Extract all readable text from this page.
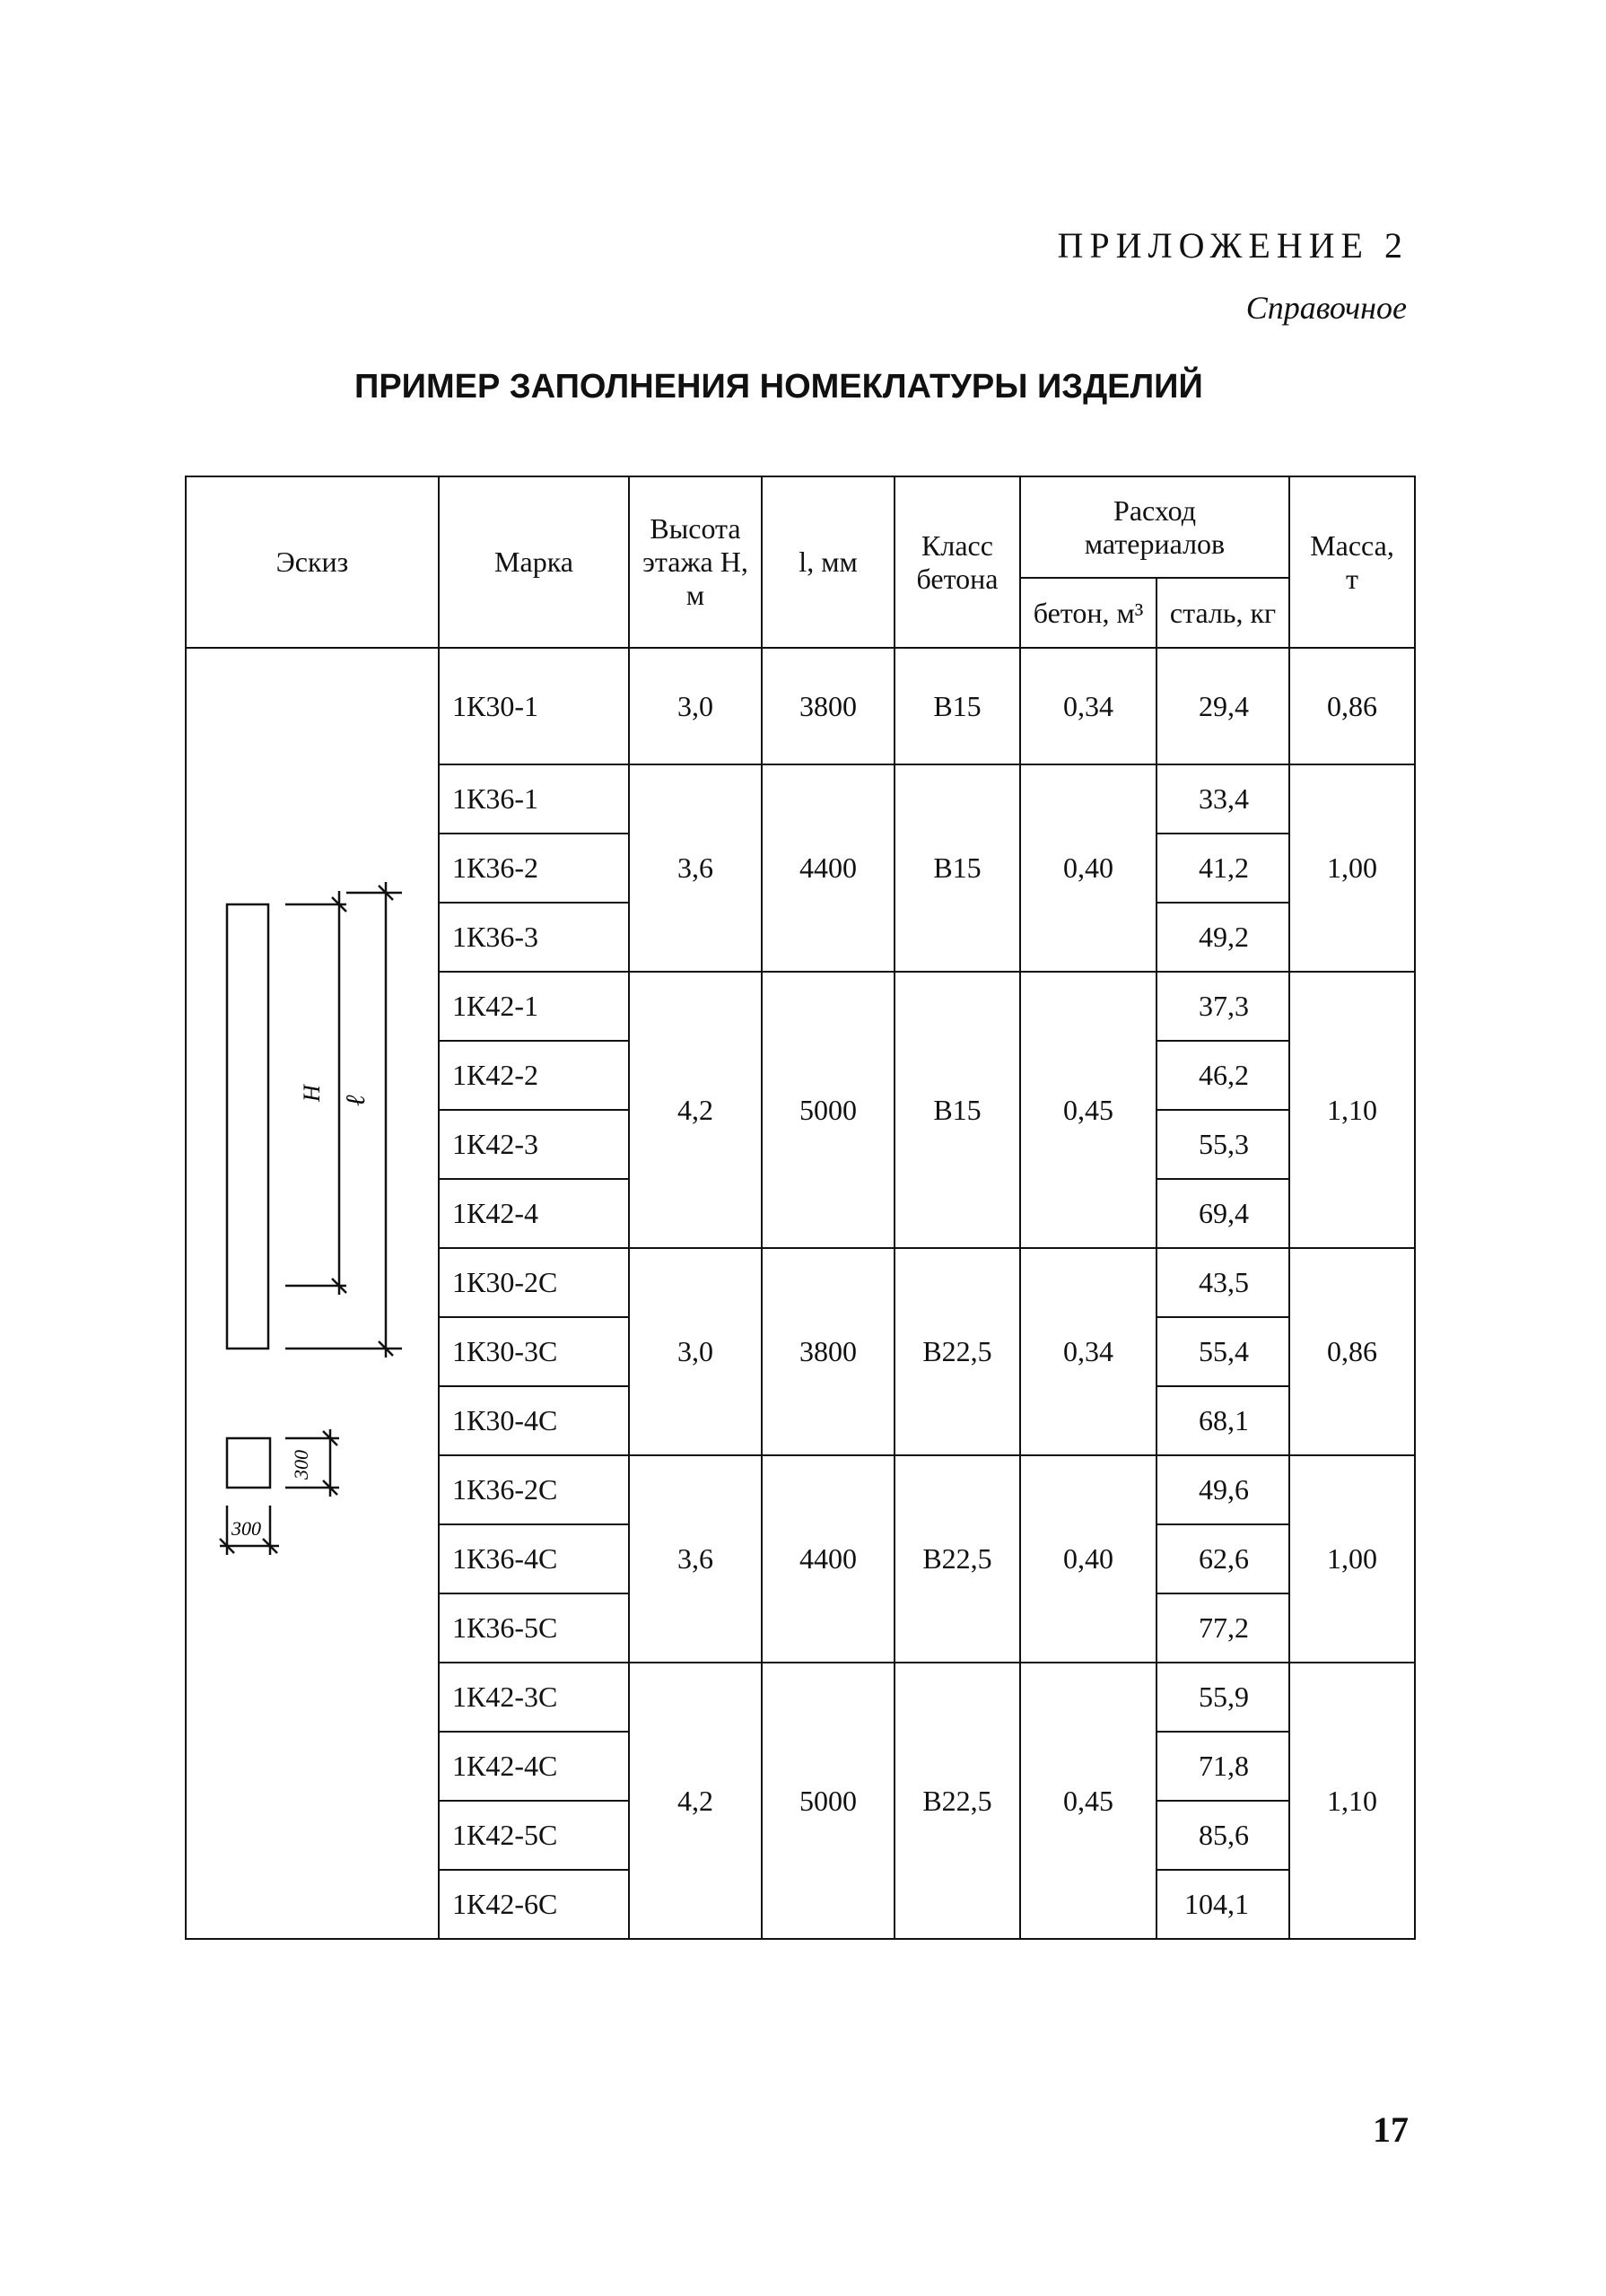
ПРИЛОЖЕНИЕ 2
Справочное
ПРИМЕР ЗАПОЛНЕНИЯ НОМЕКЛАТУРЫ ИЗДЕЛИЙ
Эскиз	Марка	Высота этажа Н, м	l, мм	Класс бетона	Расход материалов		Масса, т
					бетон, м³	сталь, кг	

Н ℓ
300
300	1К30-1	3,0	3800	В15	0,34	29,4	0,86
	1К36-1	3,6	4400	В15	0,40	33,4	1,00
	1К36-2					41,2	
	1К36-3					49,2	
	1К42-1	4,2	5000	В15	0,45	37,3	1,10
	1К42-2					46,2	
	1К42-3					55,3	
	1К42-4					69,4	
	1К30-2С	3,0	3800	В22,5	0,34	43,5	0,86
	1К30-3С					55,4	
	1К30-4С					68,1	
	1К36-2С	3,6	4400	В22,5	0,40	49,6	1,00
	1К36-4С					62,6	
	1К36-5С					77,2	
	1К42-3С	4,2	5000	В22,5	0,45	55,9	1,10
	1К42-4С					71,8	
	1К42-5С					85,6	
	1К42-6С					104,1	
17
